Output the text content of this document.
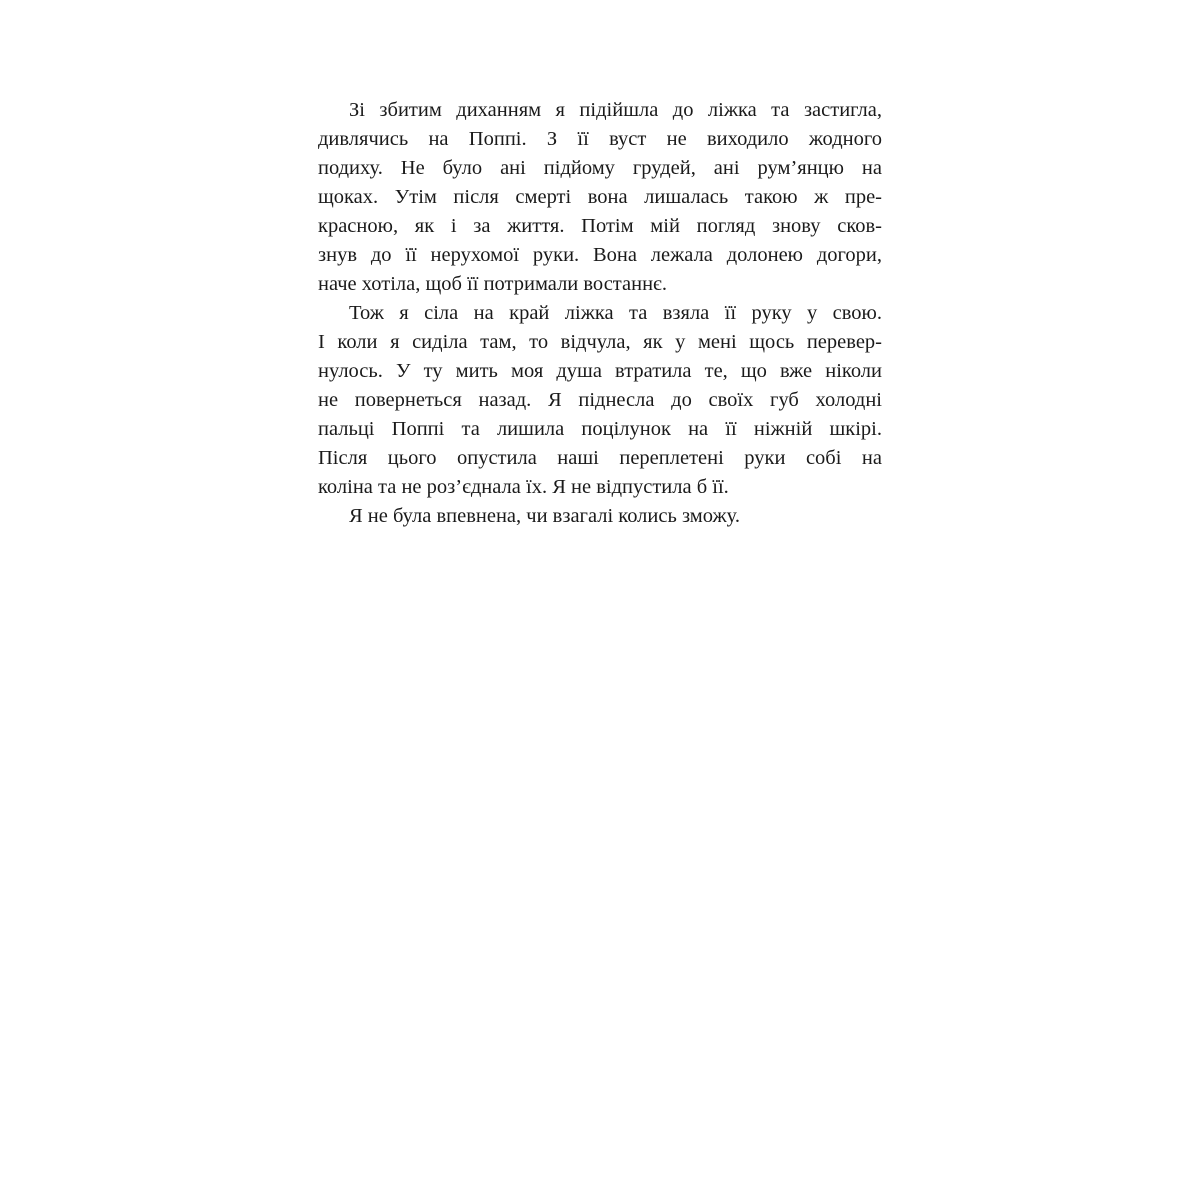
Зі збитим диханням я підійшла до ліжка та застигла,
дивлячись на Поппі. З її вуст не виходило жодного
подиху. Не було ані підйому грудей, ані рум’янцю на
щоках. Утім після смерті вона лишалась такою ж пре-
красною, як і за життя. Потім мій погляд знову сков-
знув до її нерухомої руки. Вона лежала долонею догори,
наче хотіла, щоб її потримали востаннє.
Тож я сіла на край ліжка та взяла її руку у свою.
І коли я сиділа там, то відчула, як у мені щось перевер-
нулось. У ту мить моя душа втратила те, що вже ніколи
не повернеться назад. Я піднесла до своїх губ холодні
пальці Поппі та лишила поцілунок на її ніжній шкірі.
Після цього опустила наші переплетені руки собі на
коліна та не роз’єднала їх. Я не відпустила б її.
Я не була впевнена, чи взагалі колись зможу.
